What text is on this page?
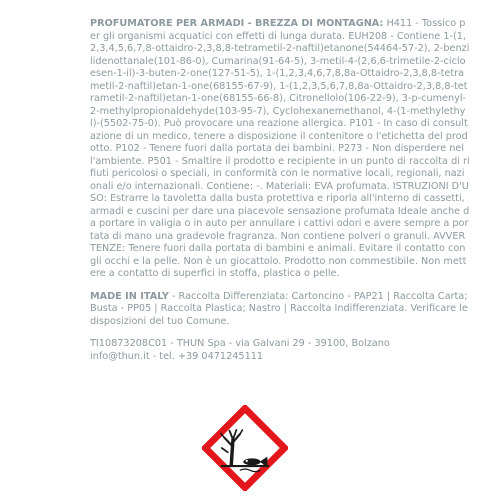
PROFUMATORE PER ARMADI - BREZZA DI MONTAGNA: H411 - Tossico per gli organismi acquatici con effetti di lunga durata. EUH208 - Contiene 1-(1,2,3,4,5,6,7,8-ottaidro-2,3,8,8-tetrametil-2-naftil)etanone(54464-57-2), 2-benzilidenottanale(101-86-0), Cumarina(91-64-5), 3-metil-4-(2,6,6-trimetile-2-cicloesen-1-il)-3-buten-2-one(127-51-5), 1-(1,2,3,4,6,7,8,8a-Ottaidro-2,3,8,8-tetrametil-2-naftil)etan-1-one(68155-67-9), 1-(1,2,3,5,6,7,8,8a-Ottaidro-2,3,8,8-tetrametil-2-naftil)etan-1-one(68155-66-8), Citronellolo(106-22-9), 3-p-cumenyl-2-methylpropionaldehyde(103-95-7), Cyclohexanemethanol, 4-(1-methylethyl)-(5502-75-0). Può provocare una reazione allergica. P101 - In caso di consultazione di un medico, tenere a disposizione il contenitore o l'etichetta del prodotto. P102 - Tenere fuori dalla portata dei bambini. P273 - Non disperdere nell'ambiente. P501 - Smaltire il prodotto e recipiente in un punto di raccolta di rifiuti pericolosi o speciali, in conformità con le normative locali, regionali, nazionali e/o internazionali. Contiene: -. Materiali: EVA profumata. ISTRUZIONI D'USO: Estrarre la tavoletta dalla busta protettiva e riporla all'interno di cassetti, armadi e cuscini per dare una piacevole sensazione profumata Ideale anche da portare in valigia o in auto per annullare i cattivi odori e avere sempre a portata di mano una gradevole fragranza. Non contiene polveri o granuli. AVVERTENZE: Tenere fuori dalla portata di bambini e animali. Evitare il contatto con gli occhi e la pelle. Non è un giocattolo. Prodotto non commestibile. Non mettere a contatto di superfici in stoffa, plastica o pelle.

MADE IN ITALY - Raccolta Differenziata: Cartoncino - PAP21 | Raccolta Carta; Busta - PP05 | Raccolta Plastica; Nastro | Raccolta Indifferenziata. Verificare le disposizioni del tuo Comune.

TI10873208C01 - THUN Spa - via Galvani 29 - 39100, Bolzano
info@thun.it - tel. +39 0471245111
